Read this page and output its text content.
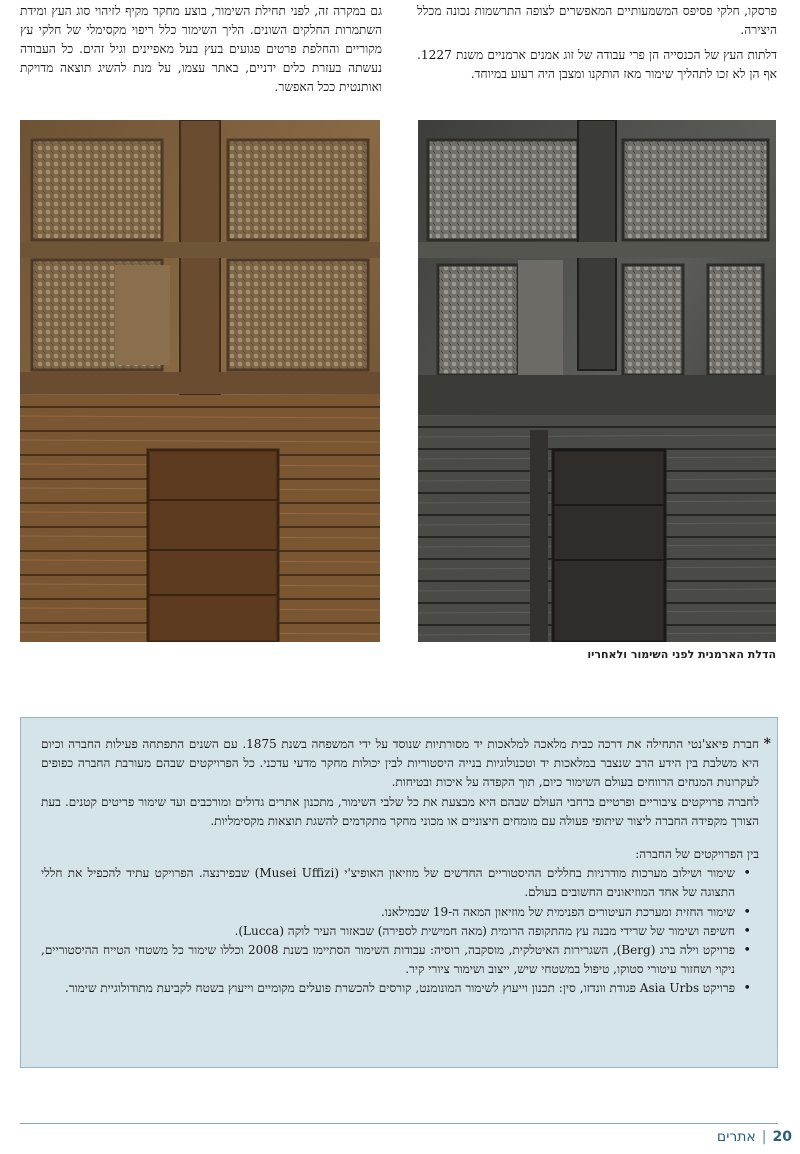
פרסקו, חלקי פסיפס המשמעותיים המאפשרים לצופה התרשמות נכונה מכלל היצירה.

דלתות העץ של הכנסייה הן פרי עבודה של זוג אמנים ארמניים משנת 1227. אף הן לא זכו לתהליך שימור מאז הותקנו ומצבן היה רעוע במיוחד.

גם במקרה זה, לפני תחילת השימור, בוצע מחקר מקיף לזיהוי סוג העץ ומידת השתמרות החלקים השונים. הליך השימור כלל ריפוי מקסימלי של חלקי עץ מקוריים והחלפת פרטים פגועים בעץ בעל מאפיינים וגיל זהים. כל העבודה נעשתה בעזרת כלים ידניים, באתר עצמו, על מנת להשיג תוצאה מדויקת ואותנטית ככל האפשר.

הדלת הארמנית לפני השימור ולאחריו
*

חברת פיאצ'נטי התחילה את דרכה כבית מלאכה למלאכות יד מסורתיות שנוסד על ידי המשפחה בשנת 1875. עם השנים התפתחה פעילות החברה וכיום היא משלבת בין הידע הרב שנצבר במלאכות יד וטכנולוגיות בנייה היסטוריות לבין יכולות מחקר מדעי עדכני. כל הפרויקטים שבהם מעורבת החברה כפופים לעקרונות המנחים הרווחים בעולם השימור כיום, תוך הקפדה על איכות ובטיחות.

לחברה פרויקטים ציבוריים ופרטיים ברחבי העולם שבהם היא מבצעת את כל שלבי השימור, מתכנון אתרים גדולים ומורכבים ועד שימור פריטים קטנים. בעת הצורך מקפידה החברה ליצור שיתופי פעולה עם מומחים חיצוניים או מכוני מחקר מתקדמים להשגת תוצאות מקסימליות.

בין הפרויקטים של החברה:

• שימור ושילוב מערכות מודרניות בחללים ההיסטוריים החדשים של מוזיאון האופיצ'י (Musei Uffizi) שבפירנצה. הפרויקט עתיד להכפיל את חללי התצוגה של אחד המוזיאונים החשובים בעולם.
• שימור החזית ומערכת העיטורים הפנימית של מוזיאון המאה ה-19 שבמילאנו.
• חשיפה ושימור של שרידי מבנה עץ מהתקופה הרומית (מאה חמישית לספירה) שבאזור העיר לוקה (Lucca).
• פרויקט וילה ברג (Berg), השגרירות האיטלקית, מוסקבה, רוסיה: עבודות השימור הסתיימו בשנת 2008 וכללו שימור כל משטחי הטייח ההיסטוריים, ניקוי ושחזור עיטורי סטוקו, טיפול במשטחי שיש, ייצוב ושימור ציורי קיר.
• פרויקט Asia Urbs פגודת וונדזו, סין: תכנון וייעוץ לשימור המונומנט, קורסים להכשרת פועלים מקומיים וייעוץ בשטח לקביעת מתודולוגיית שימור.
20
|
אתרים
